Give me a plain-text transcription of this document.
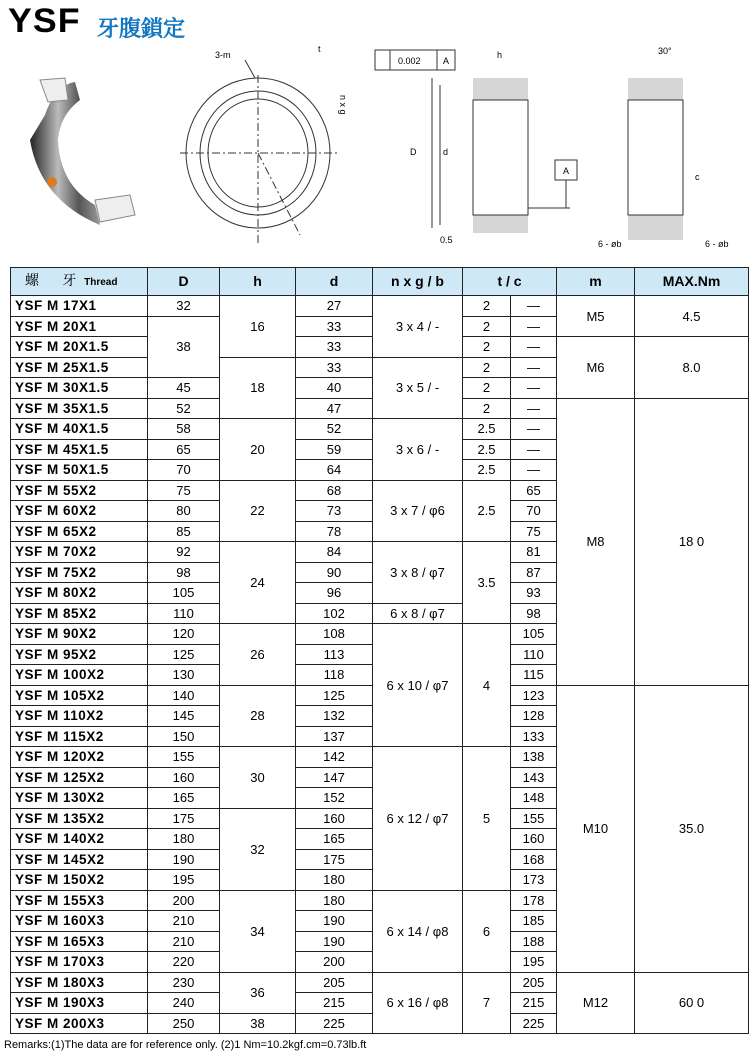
YSF 牙腹鎖定
3-m
t
n x g
0.002 A
h
D	d
A
0.5
30°
c
6 - øb	6 - øb
螺 牙 Thread	D	h	d	n x g / b	t / c		m	MAX.Nm
YSF M 17X1	32	16	27	3 x 4 / -	2	—	M5	4.5
YSF M 20X1	38		33		2	—		
YSF M 20X1.5			33		2	—	M6	8.0
YSF M 25X1.5		18	33	3 x 5 / -	2	—		
YSF M 30X1.5	45		40		2	—		
YSF M 35X1.5	52		47		2	—	M8	18 0
YSF M 40X1.5	58	20	52	3 x 6 / -	2.5	—		
YSF M 45X1.5	65		59		2.5	—		
YSF M 50X1.5	70		64		2.5	—		
YSF M 55X2	75	22	68	3 x 7 / φ6	2.5	65		
YSF M 60X2	80		73			70		
YSF M 65X2	85		78			75		
YSF M 70X2	92	24	84	3 x 8 / φ7	3.5	81		
YSF M 75X2	98		90			87		
YSF M 80X2	105		96			93		
YSF M 85X2	110		102	6 x 8 / φ7		98		
YSF M 90X2	120	26	108	6 x 10 / φ7	4	105		
YSF M 95X2	125		113			110		
YSF M 100X2	130		118			115		
YSF M 105X2	140	28	125			123	M10	35.0
YSF M 110X2	145		132			128		
YSF M 115X2	150		137			133		
YSF M 120X2	155	30	142	6 x 12 / φ7	5	138		
YSF M 125X2	160		147			143		
YSF M 130X2	165		152			148		
YSF M 135X2	175	32	160			155		
YSF M 140X2	180		165			160		
YSF M 145X2	190		175			168		
YSF M 150X2	195		180			173		
YSF M 155X3	200	34	180	6 x 14 / φ8	6	178		
YSF M 160X3	210		190			185		
YSF M 165X3	210		190			188		
YSF M 170X3	220		200			195		
YSF M 180X3	230	36	205	6 x 16 / φ8	7	205	M12	60 0
YSF M 190X3	240		215			215		
YSF M 200X3	250	38	225			225		
Remarks:(1)The data are for reference only. (2)1 Nm=10.2kgf.cm=0.73lb.ft
